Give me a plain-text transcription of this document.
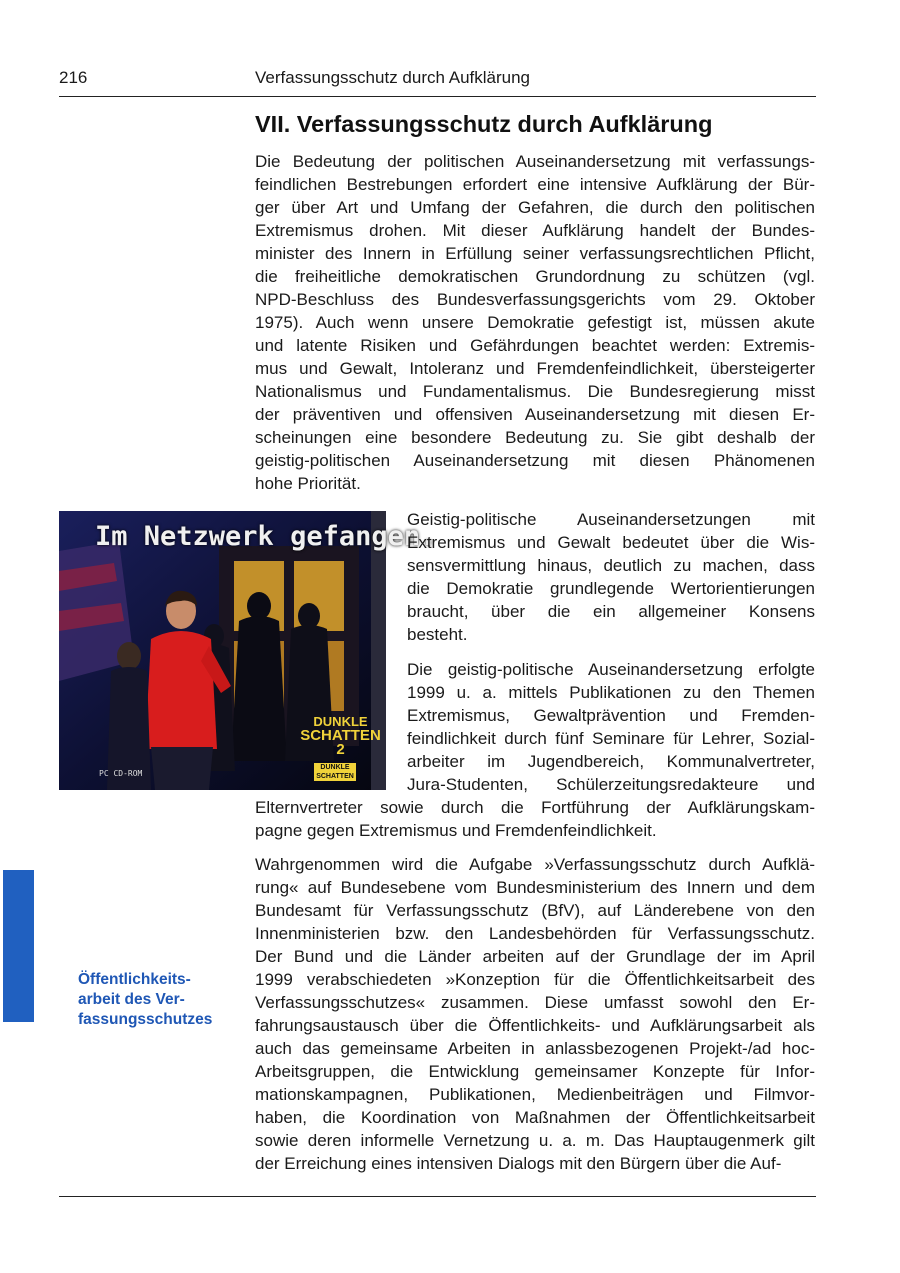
216	Verfassungsschutz durch Aufklärung
VII. Verfassungsschutz durch Aufklärung
Die Bedeutung der politischen Auseinandersetzung mit verfassungs-
feindlichen Bestrebungen erfordert eine intensive Aufklärung der Bür-
ger über Art und Umfang der Gefahren, die durch den politischen
Extremismus drohen. Mit dieser Aufklärung handelt der Bundes-
minister des Innern in Erfüllung seiner verfassungsrechtlichen Pflicht,
die freiheitliche demokratischen Grundordnung zu schützen (vgl.
NPD-Beschluss des Bundesverfassungsgerichts vom 29. Oktober
1975). Auch wenn unsere Demokratie gefestigt ist, müssen akute
und latente Risiken und Gefährdungen beachtet werden: Extremis-
mus und Gewalt, Intoleranz und Fremdenfeindlichkeit, übersteigerter
Nationalismus und Fundamentalismus. Die Bundesregierung misst
der präventiven und offensiven Auseinandersetzung mit diesen Er-
scheinungen eine besondere Bedeutung zu. Sie gibt deshalb der
geistig-politischen Auseinandersetzung mit diesen Phänomenen
hohe Priorität.
Im Netzwerk gefangen.
DUNKLE
SCHATTEN 2
DUNKLE
SCHATTEN
PC CD-ROM
Geistig-politische Auseinandersetzungen mit
Extremismus und Gewalt bedeutet über die Wis-
sensvermittlung hinaus, deutlich zu machen, dass
die Demokratie grundlegende Wertorientierungen
braucht, über die ein allgemeiner Konsens
besteht.
Die geistig-politische Auseinandersetzung erfolgte
1999 u. a. mittels Publikationen zu den Themen
Extremismus, Gewaltprävention und Fremden-
feindlichkeit durch fünf Seminare für Lehrer, Sozial-
arbeiter im Jugendbereich, Kommunalvertreter,
Jura-Studenten, Schülerzeitungsredakteure und
Elternvertreter sowie durch die Fortführung der Aufklärungskam-
pagne gegen Extremismus und Fremdenfeindlichkeit.
Öffentlichkeits-
arbeit des Ver-
fassungsschutzes
Wahrgenommen wird die Aufgabe »Verfassungsschutz durch Aufklä-
rung« auf Bundesebene vom Bundesministerium des Innern und dem
Bundesamt für Verfassungsschutz (BfV), auf Länderebene von den
Innenministerien bzw. den Landesbehörden für Verfassungsschutz.
Der Bund und die Länder arbeiten auf der Grundlage der im April
1999 verabschiedeten »Konzeption für die Öffentlichkeitsarbeit des
Verfassungsschutzes« zusammen. Diese umfasst sowohl den Er-
fahrungsaustausch über die Öffentlichkeits- und Aufklärungsarbeit als
auch das gemeinsame Arbeiten in anlassbezogenen Projekt-/ad hoc-
Arbeitsgruppen, die Entwicklung gemeinsamer Konzepte für Infor-
mationskampagnen, Publikationen, Medienbeiträgen und Filmvor-
haben, die Koordination von Maßnahmen der Öffentlichkeitsarbeit
sowie deren informelle Vernetzung u. a. m. Das Hauptaugenmerk gilt
der Erreichung eines intensiven Dialogs mit den Bürgern über die Auf-
